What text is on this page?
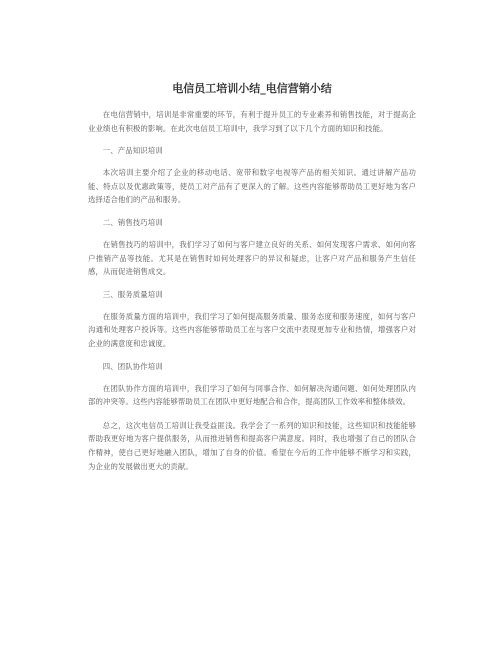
电信员工培训小结_电信营销小结

在电信营销中，培训是非常重要的环节，有利于提升员工的专业素养和销售技能，对于提高企业业绩也有积极的影响。在此次电信员工培训中，我学习到了以下几个方面的知识和技能。

一、产品知识培训

本次培训主要介绍了企业的移动电话、宽带和数字电视等产品的相关知识。通过讲解产品功能、特点以及优惠政策等，使员工对产品有了更深入的了解。这些内容能够帮助员工更好地为客户选择适合他们的产品和服务。

二、销售技巧培训

在销售技巧的培训中，我们学习了如何与客户建立良好的关系、如何发现客户需求、如何向客户推销产品等技能。尤其是在销售时如何处理客户的异议和疑虑，让客户对产品和服务产生信任感，从而促进销售成交。

三、服务质量培训

在服务质量方面的培训中，我们学习了如何提高服务质量、服务态度和服务速度，如何与客户沟通和处理客户投诉等。这些内容能够帮助员工在与客户交流中表现更加专业和热情，增强客户对企业的满意度和忠诚度。

四、团队协作培训

在团队协作方面的培训中，我们学习了如何与同事合作、如何解决沟通问题、如何处理团队内部的冲突等。这些内容能够帮助员工在团队中更好地配合和合作，提高团队工作效率和整体绩效。

总之，这次电信员工培训让我受益匪浅。我学会了一系列的知识和技能，这些知识和技能能够帮助我更好地为客户提供服务，从而推进销售和提高客户满意度。同时，我也增强了自己的团队合作精神，使自己更好地融入团队，增加了自身的价值。希望在今后的工作中能够不断学习和实践，为企业的发展做出更大的贡献。
